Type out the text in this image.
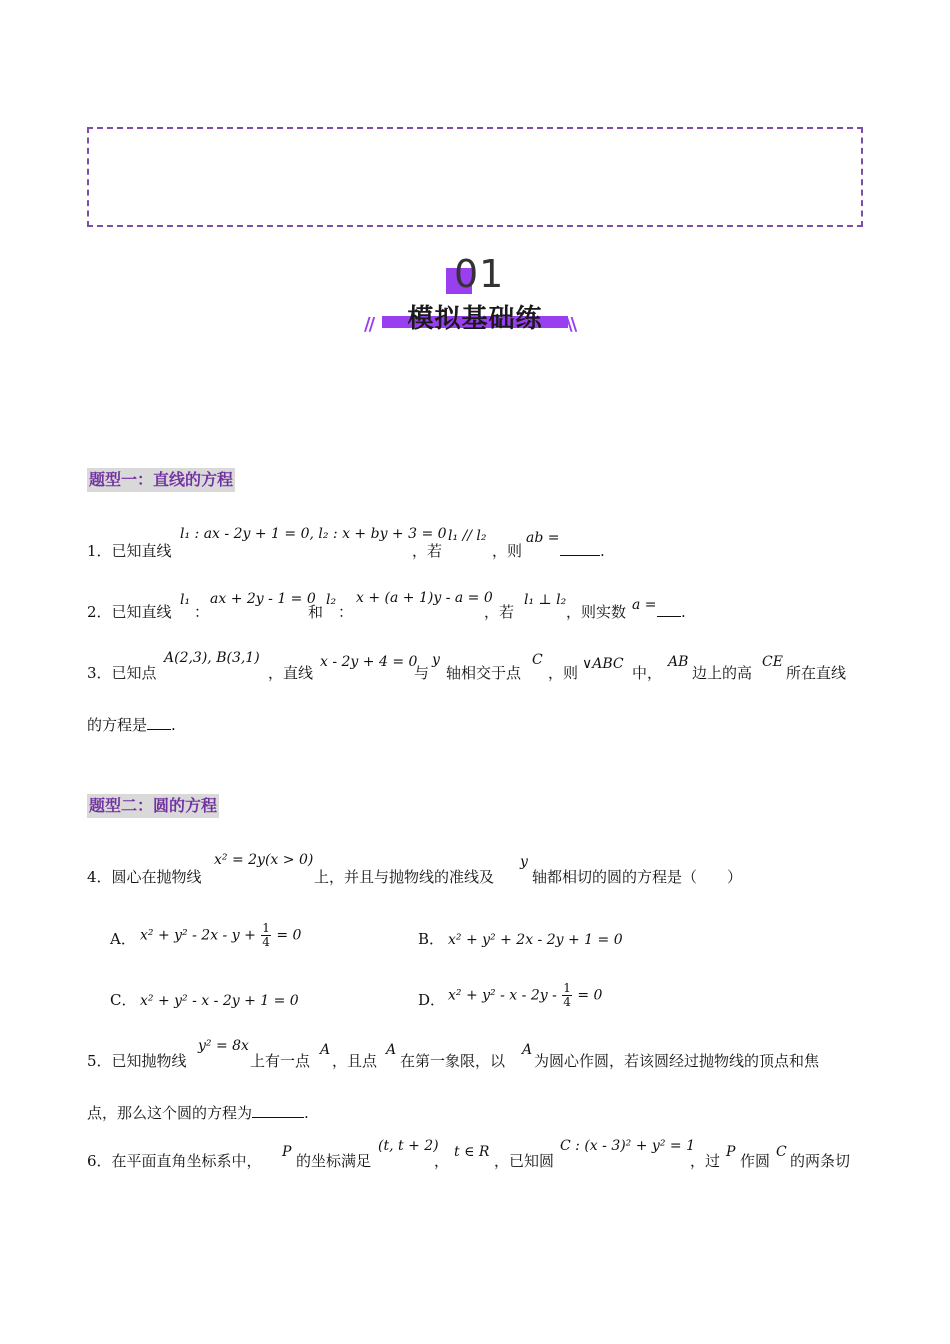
01
//	模拟基础练	\\
题型一：直线的方程
1．已知直线
l₁ : ax - 2y + 1 = 0, l₂ : x + by + 3 = 0
，若
l₁ // l₂
，则
ab =
.
2．已知直线
l₁
：
ax + 2y - 1 = 0
和
l₂
：
x + (a + 1)y - a = 0
，若
l₁ ⊥ l₂
，则实数 a =	.
3．已知点
A(2,3), B(3,1)
，直线
x - 2y + 4 = 0
与
y
轴相交于点
C
，则 ∨ABC 中，
AB
边上的高
CE
所在直线
的方程是 .
题型二：圆的方程
4．圆心在抛物线
x² = 2y(x > 0)
上，并且与抛物线的准线及
y
轴都相切的圆的方程是（　　）
A． $x^2 + y^2 - 2x - y + \frac{1}{4} = 0$	B． x² + y² + 2x - 2y + 1 = 0
C． x² + y² - x - 2y + 1 = 0	D． $x^2 + y^2 - x - 2y - \frac{1}{4} = 0$
5．已知抛物线
y² = 8x
上有一点
A
，且点
A
在第一象限，以
A
为圆心作圆，若该圆经过抛物线的顶点和焦
点，那么这个圆的方程为	.
6．在平面直角坐标系中， P 的坐标满足
(t, t + 2)
， t ∈ R ，已知圆
C : (x - 3)² + y² = 1
，过 P 作圆 C 的两条切
